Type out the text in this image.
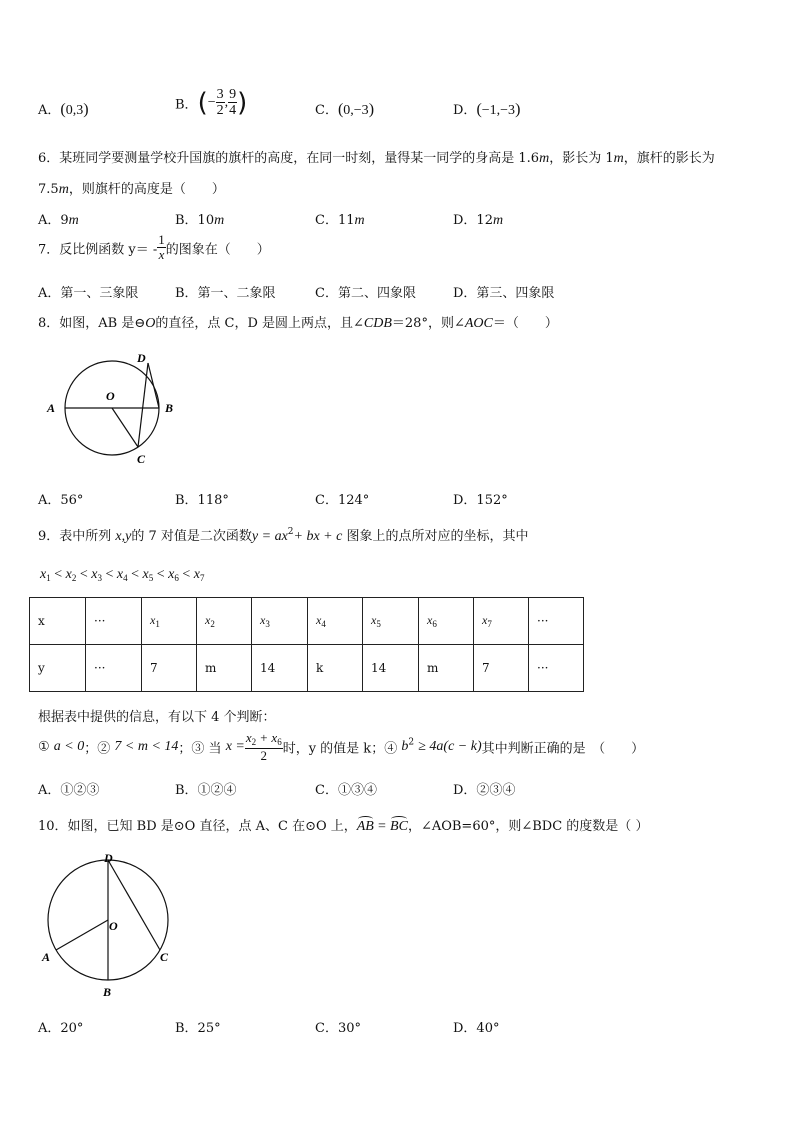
A．(0,3)	B．(− $\frac{3}{2}$ , $\frac{9}{4}$ )	C．(0,−3)	D．(−1,−3)
6．某班同学要测量学校升国旗的旗杆的高度，在同一时刻，量得某一同学的身高是 1.6m，影长为 1m，旗杆的影长为
7.5m，则旗杆的高度是（　　）
A．9m	B．10m	C．11m	D．12m
7．反比例函数 $y= - \frac{1}{x}$ 的图象在（　　）
A．第一、三象限	B．第一、二象限	C．第二、四象限	D．第三、四象限
8．如图，AB 是⊖O的直径，点 C，D 是圆上两点，且∠CDB＝28°，则∠AOC＝（　　）
D
O
A	B
C
A．56°	B．118°	C．124°	D．152°
9．表中所列 x,y的 7 对值是二次函数$y = ax^2+$ bx + c 图象上的点所对应的坐标，其中
$x_1 < x_2 < x_3 < x_4 < x_5 < x_6 < x_7$
x	···	$x_1$	$x_2$	$x_3$	$x_4$	$x_5$	$x_6$	$x_7$	···
y	···	7	m	14	k	14	m	7	···
根据表中提供的信息，有以下 4 个判断：
① a < 0；② 7 < m < 14；③ 当 $x = \frac{x_2 + x_6}{2}$ 时，y 的值是 k；④ $b^2 \ge 4a(c - k)$其中判断正确的是　（　　）
A．①②③	B．①②④	C．①③④	D．②③④
10．如图，已知 BD 是⊙O 直径，点 A、C 在⊙O 上，AB = BC
，∠AOB=60°，则∠BDC 的度数是（ ）
D
O
A	C
B
A．20°	B．25°	C．30°	D．40°
